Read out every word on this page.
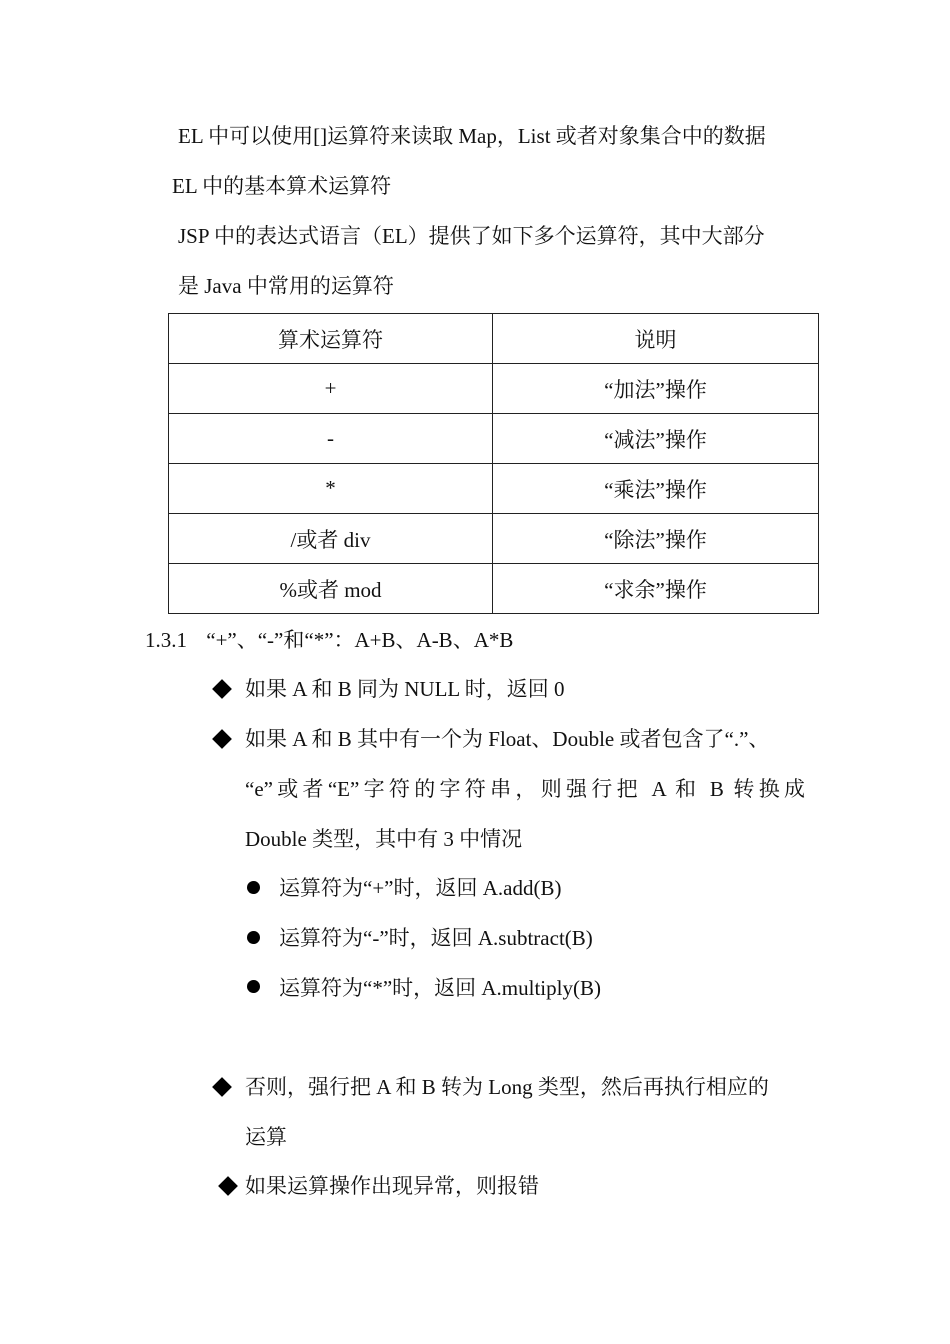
EL 中可以使用[]运算符来读取 Map，List 或者对象集合中的数据
EL 中的基本算术运算符
JSP 中的表达式语言（EL）提供了如下多个运算符，其中大部分
是 Java 中常用的运算符
算术运算符	说明
+	“加法”操作
-	“减法”操作
*	“乘法”操作
/或者 div	“除法”操作
%或者 mod	“求余”操作
1.3.1 “+”、“-”和“*”：A+B、A-B、A*B
如果 A 和 B 同为 NULL 时，返回 0
如果 A 和 B 其中有一个为 Float、Double 或者包含了“.”、
“e”或者“E”字符的字符串，则强行把 A 和 B 转换成
Double 类型，其中有 3 中情况
运算符为“+”时，返回 A.add(B)
运算符为“-”时，返回 A.subtract(B)
运算符为“*”时，返回 A.multiply(B)
否则，强行把 A 和 B 转为 Long 类型，然后再执行相应的
运算
如果运算操作出现异常，则报错
